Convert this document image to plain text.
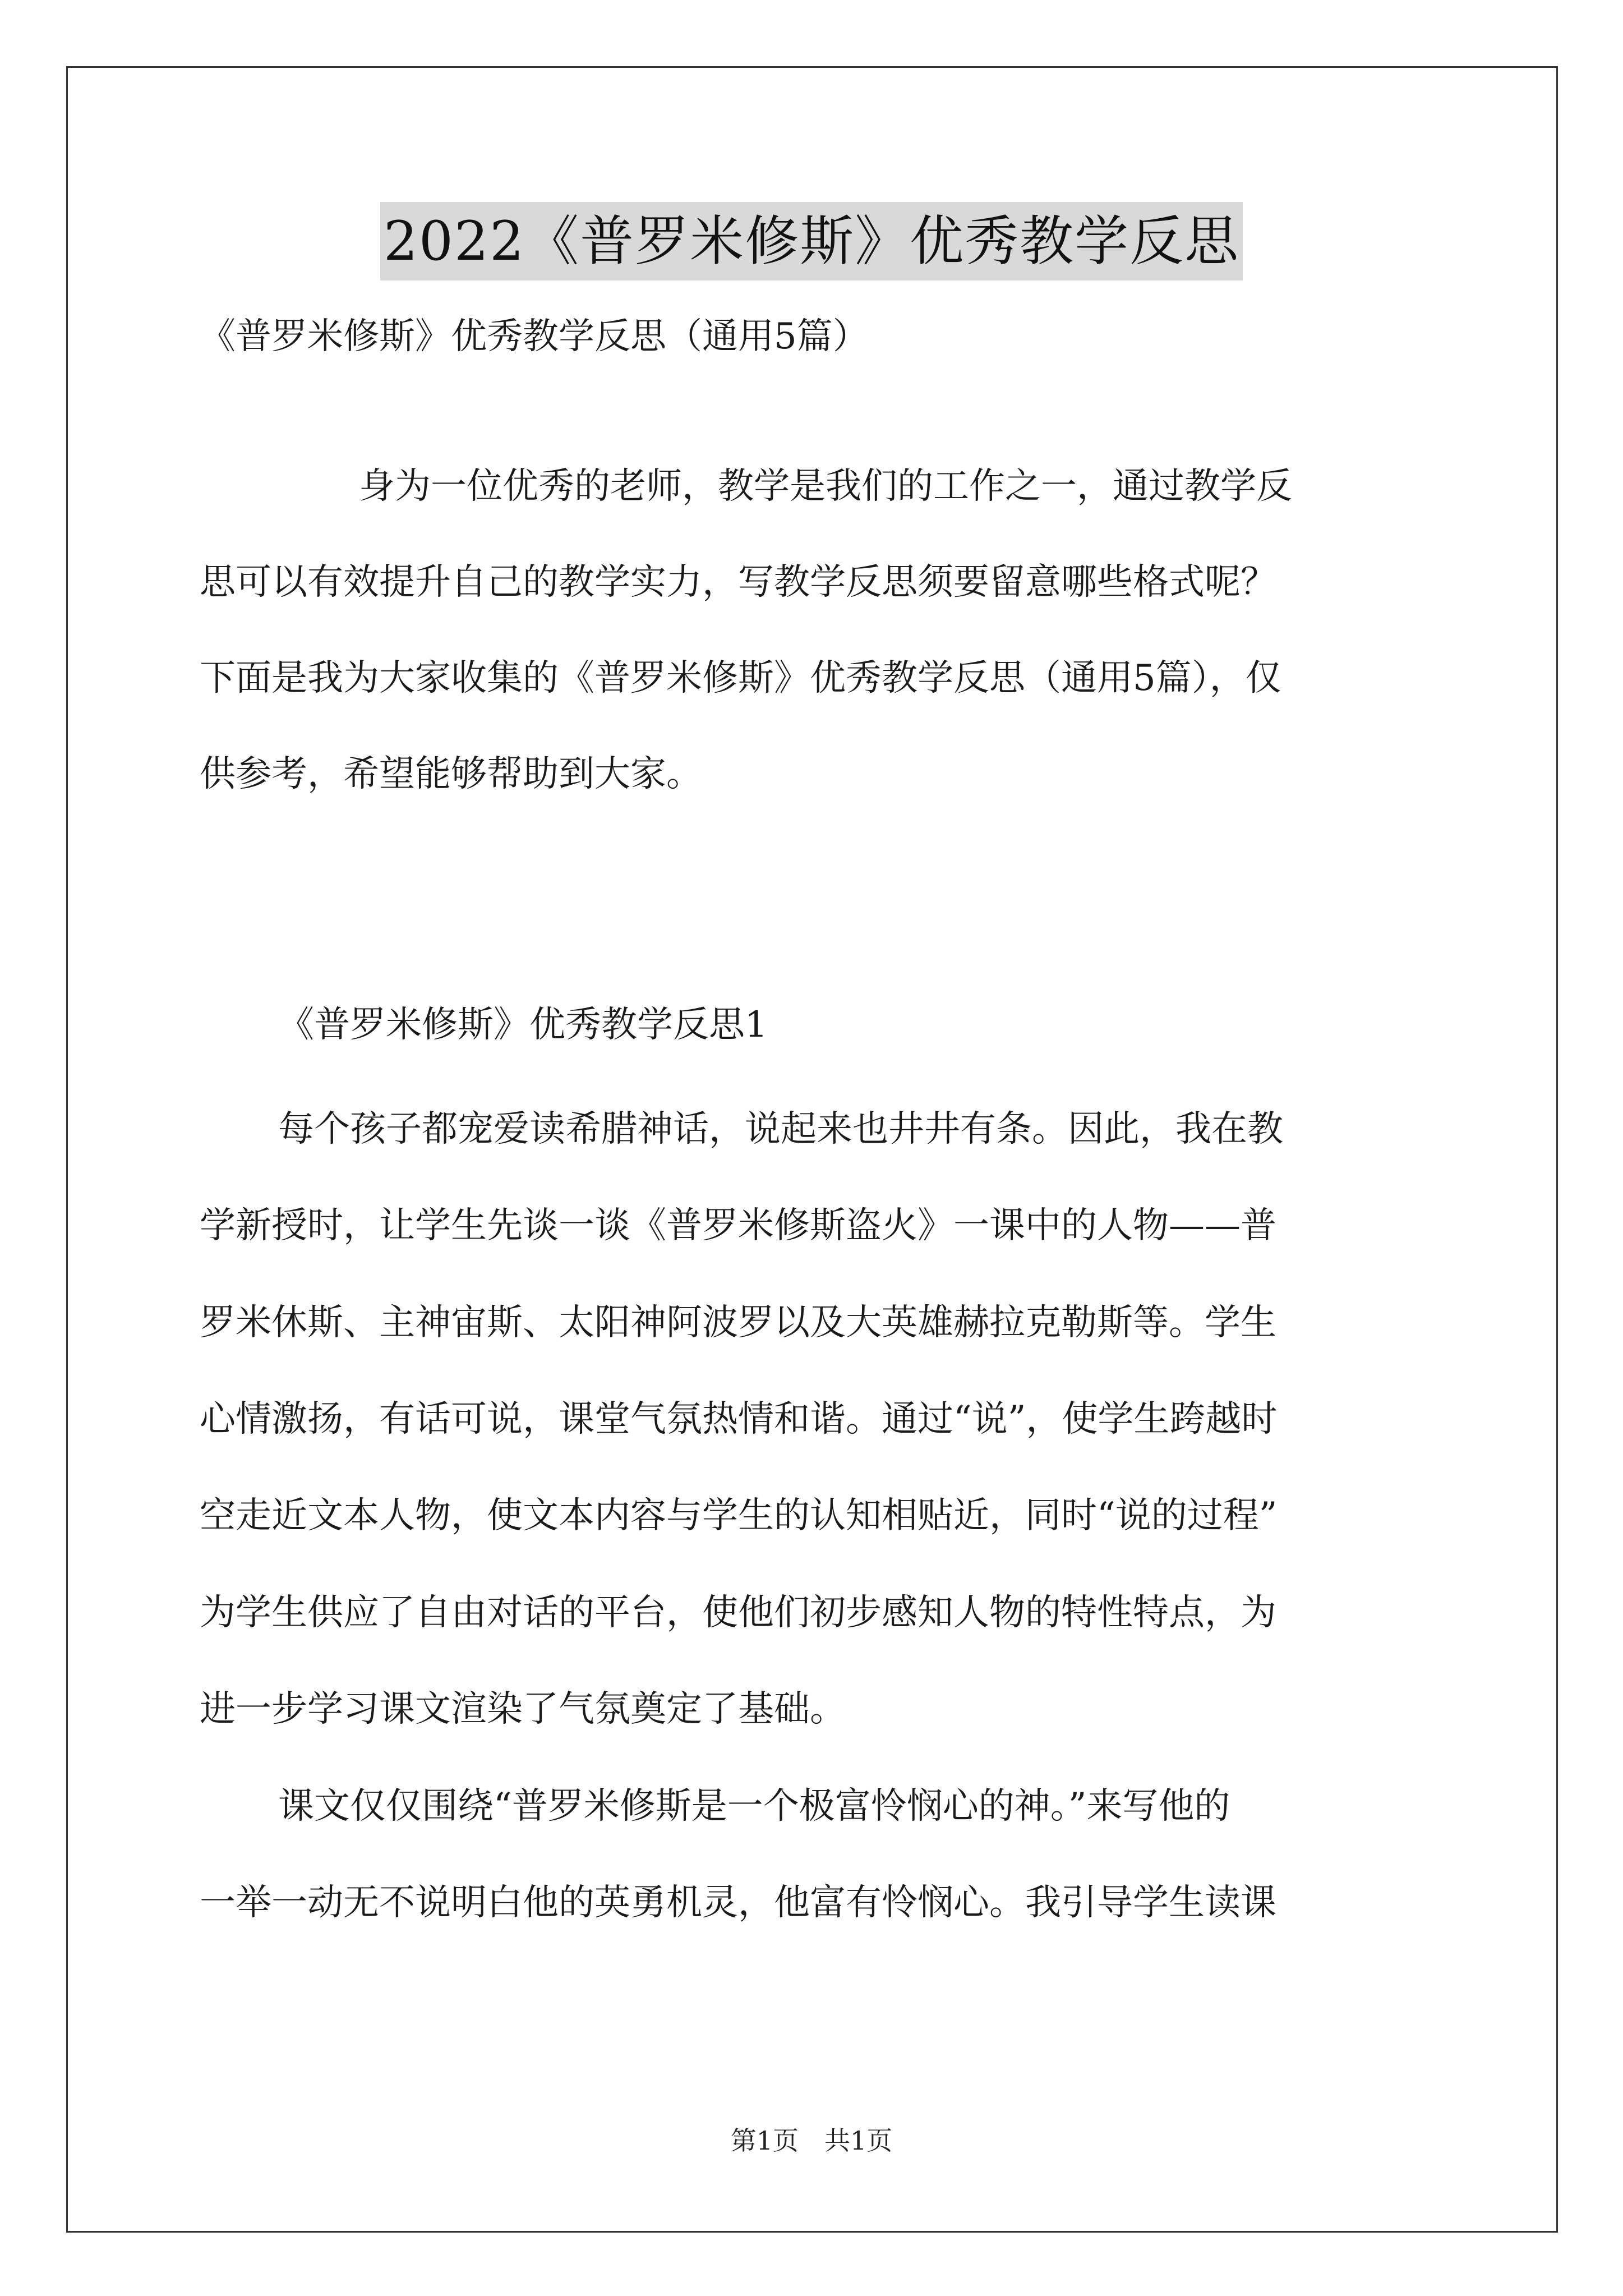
2022《普罗米修斯》优秀教学反思
《普罗米修斯》优秀教学反思（通用5篇）
身为一位优秀的老师，教学是我们的工作之一，通过教学反
思可以有效提升自己的教学实力，写教学反思须要留意哪些格式呢？
下面是我为大家收集的《普罗米修斯》优秀教学反思（通用5篇），仅
供参考，希望能够帮助到大家。
《普罗米修斯》优秀教学反思1
每个孩子都宠爱读希腊神话，说起来也井井有条。因此，我在教
学新授时，让学生先谈一谈《普罗米修斯盗火》一课中的人物——普
罗米休斯、主神宙斯、太阳神阿波罗以及大英雄赫拉克勒斯等。学生
心情激扬，有话可说，课堂气氛热情和谐。通过“说”，使学生跨越时
空走近文本人物，使文本内容与学生的认知相贴近，同时“说的过程”
为学生供应了自由对话的平台，使他们初步感知人物的特性特点，为
进一步学习课文渲染了气氛奠定了基础。
课文仅仅围绕“普罗米修斯是一个极富怜悯心的神。”来写他的
一举一动无不说明白他的英勇机灵，他富有怜悯心。我引导学生读课
第1页　共1页
